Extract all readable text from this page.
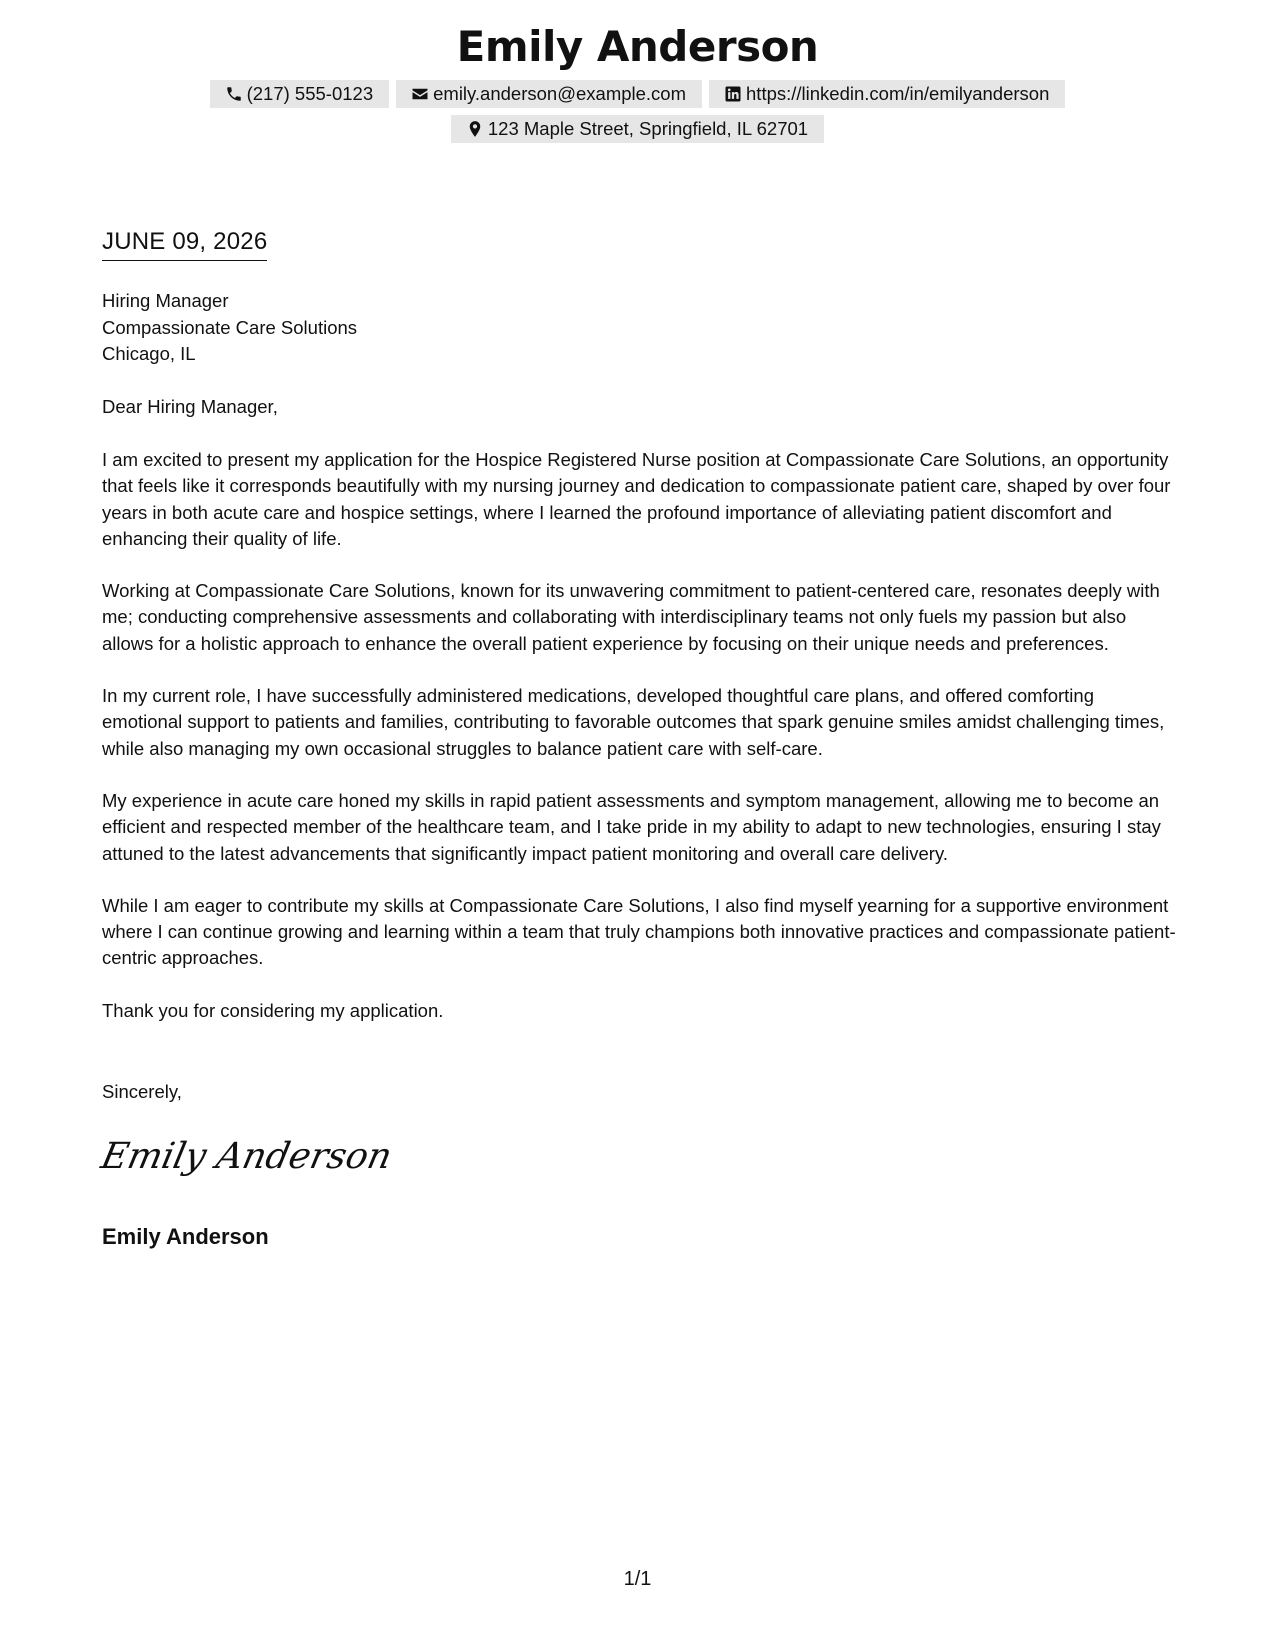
Emily Anderson
(217) 555-0123	emily.anderson@example.com	https://linkedin.com/in/emilyanderson
123 Maple Street, Springfield, IL 62701
JUNE 09, 2026
Hiring Manager
Compassionate Care Solutions
Chicago, IL
Dear Hiring Manager,

I am excited to present my application for the Hospice Registered Nurse position at Compassionate Care Solutions, an opportunity that feels like it corresponds beautifully with my nursing journey and dedication to compassionate patient care, shaped by over four years in both acute care and hospice settings, where I learned the profound importance of alleviating patient discomfort and enhancing their quality of life.

Working at Compassionate Care Solutions, known for its unwavering commitment to patient-centered care, resonates deeply with me; conducting comprehensive assessments and collaborating with interdisciplinary teams not only fuels my passion but also allows for a holistic approach to enhance the overall patient experience by focusing on their unique needs and preferences.

In my current role, I have successfully administered medications, developed thoughtful care plans, and offered comforting emotional support to patients and families, contributing to favorable outcomes that spark genuine smiles amidst challenging times, while also managing my own occasional struggles to balance patient care with self-care.

My experience in acute care honed my skills in rapid patient assessments and symptom management, allowing me to become an efficient and respected member of the healthcare team, and I take pride in my ability to adapt to new technologies, ensuring I stay attuned to the latest advancements that significantly impact patient monitoring and overall care delivery.

While I am eager to contribute my skills at Compassionate Care Solutions, I also find myself yearning for a supportive environment where I can continue growing and learning within a team that truly champions both innovative practices and compassionate patient-centric approaches.

Thank you for considering my application.

Sincerely,
Emily Anderson
Emily Anderson
1/1
